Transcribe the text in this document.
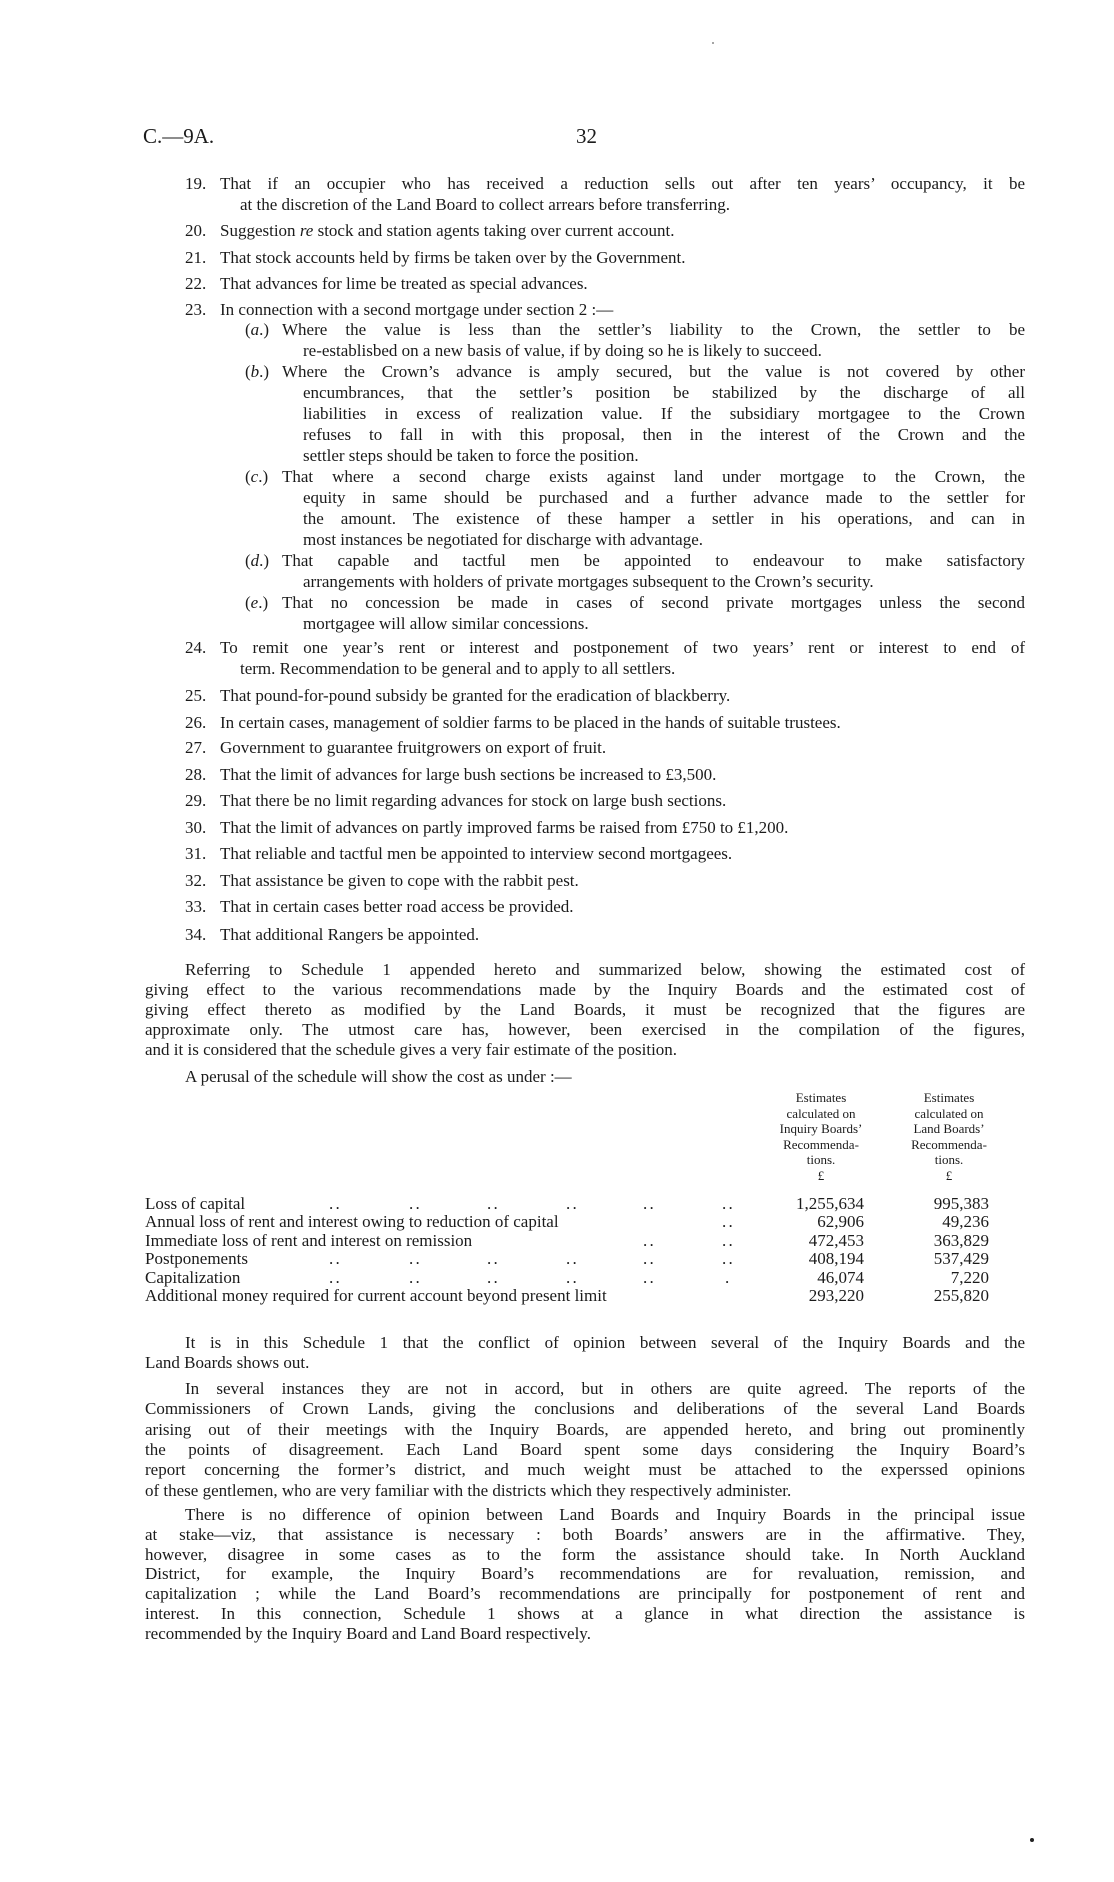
C.—9A.	32
19. That if an occupier who has received a reduction sells out after ten years’ occupancy, it be
at the discretion of the Land Board to collect arrears before transferring.
20. Suggestion re stock and station agents taking over current account.
21. That stock accounts held by firms be taken over by the Government.
22. That advances for lime be treated as special advances.
23. In connection with a second mortgage under section 2 :—
(a.) Where the value is less than the settler’s liability to the Crown, the settler to be
re-establisbed on a new basis of value, if by doing so he is likely to succeed.
(b.) Where the Crown’s advance is amply secured, but the value is not covered by other
encumbrances, that the settler’s position be stabilized by the discharge of all
liabilities in excess of realization value. If the subsidiary mortgagee to the Crown
refuses to fall in with this proposal, then in the interest of the Crown and the
settler steps should be taken to force the position.
(c.) That where a second charge exists against land under mortgage to the Crown, the
equity in same should be purchased and a further advance made to the settler for
the amount. The existence of these hamper a settler in his operations, and can in
most instances be negotiated for discharge with advantage.
(d.) That capable and tactful men be appointed to endeavour to make satisfactory
arrangements with holders of private mortgages subsequent to the Crown’s security.
(e.) That no concession be made in cases of second private mortgages unless the second
mortgagee will allow similar concessions.
24. To remit one year’s rent or interest and postponement of two years’ rent or interest to end of
term. Recommendation to be general and to apply to all settlers.
25. That pound-for-pound subsidy be granted for the eradication of blackberry.
26. In certain cases, management of soldier farms to be placed in the hands of suitable trustees.
27. Government to guarantee fruitgrowers on export of fruit.
28. That the limit of advances for large bush sections be increased to £3,500.
29. That there be no limit regarding advances for stock on large bush sections.
30. That the limit of advances on partly improved farms be raised from £750 to £1,200.
31. That reliable and tactful men be appointed to interview second mortgagees.
32. That assistance be given to cope with the rabbit pest.
33. That in certain cases better road access be provided.
34. That additional Rangers be appointed.
Referring to Schedule 1 appended hereto and summarized below, showing the estimated cost of
giving effect to the various recommendations made by the Inquiry Boards and the estimated cost of
giving effect thereto as modified by the Land Boards, it must be recognized that the figures are
approximate only. The utmost care has, however, been exercised in the compilation of the figures,
and it is considered that the schedule gives a very fair estimate of the position.
A perusal of the schedule will show the cost as under :—
It is in this Schedule 1 that the conflict of opinion between several of the Inquiry Boards and the
Land Boards shows out.
In several instances they are not in accord, but in others are quite agreed. The reports of the
Commissioners of Crown Lands, giving the conclusions and deliberations of the several Land Boards
arising out of their meetings with the Inquiry Boards, are appended hereto, and bring out prominently
the points of disagreement. Each Land Board spent some days considering the Inquiry Board’s
report concerning the former’s district, and much weight must be attached to the experssed opinions
of these gentlemen, who are very familiar with the districts which they respectively administer.
There is no difference of opinion between Land Boards and Inquiry Boards in the principal issue
at stake—viz, that assistance is necessary : both Boards’ answers are in the affirmative. They,
however, disagree in some cases as to the form the assistance should take. In North Auckland
District, for example, the Inquiry Board’s recommendations are for revaluation, remission, and
capitalization ; while the Land Board’s recommendations are principally for postponement of rent and
interest. In this connection, Schedule 1 shows at a glance in what direction the assistance is
recommended by the Inquiry Board and Land Board respectively.
Estimates
calculated on
Inquiry Boards’
Recommenda-
tions.
£
Estimates
calculated on
Land Boards’
Recommenda-
tions.
£
Loss of capital	. .	. .	. .	. .	. .	. .	1,255,634	995,383
Annual loss of rent and interest owing to reduction of capital	. .	62,906	49,236
Immediate loss of rent and interest on remission	. .	. .	472,453	363,829
Postponements	. .	. .	. .	. .	. .	. .	408,194	537,429
Capitalization	. .	. .	. .	. .	. .	.	46,074	7,220
Additional money required for current account beyond present limit	293,220	255,820
